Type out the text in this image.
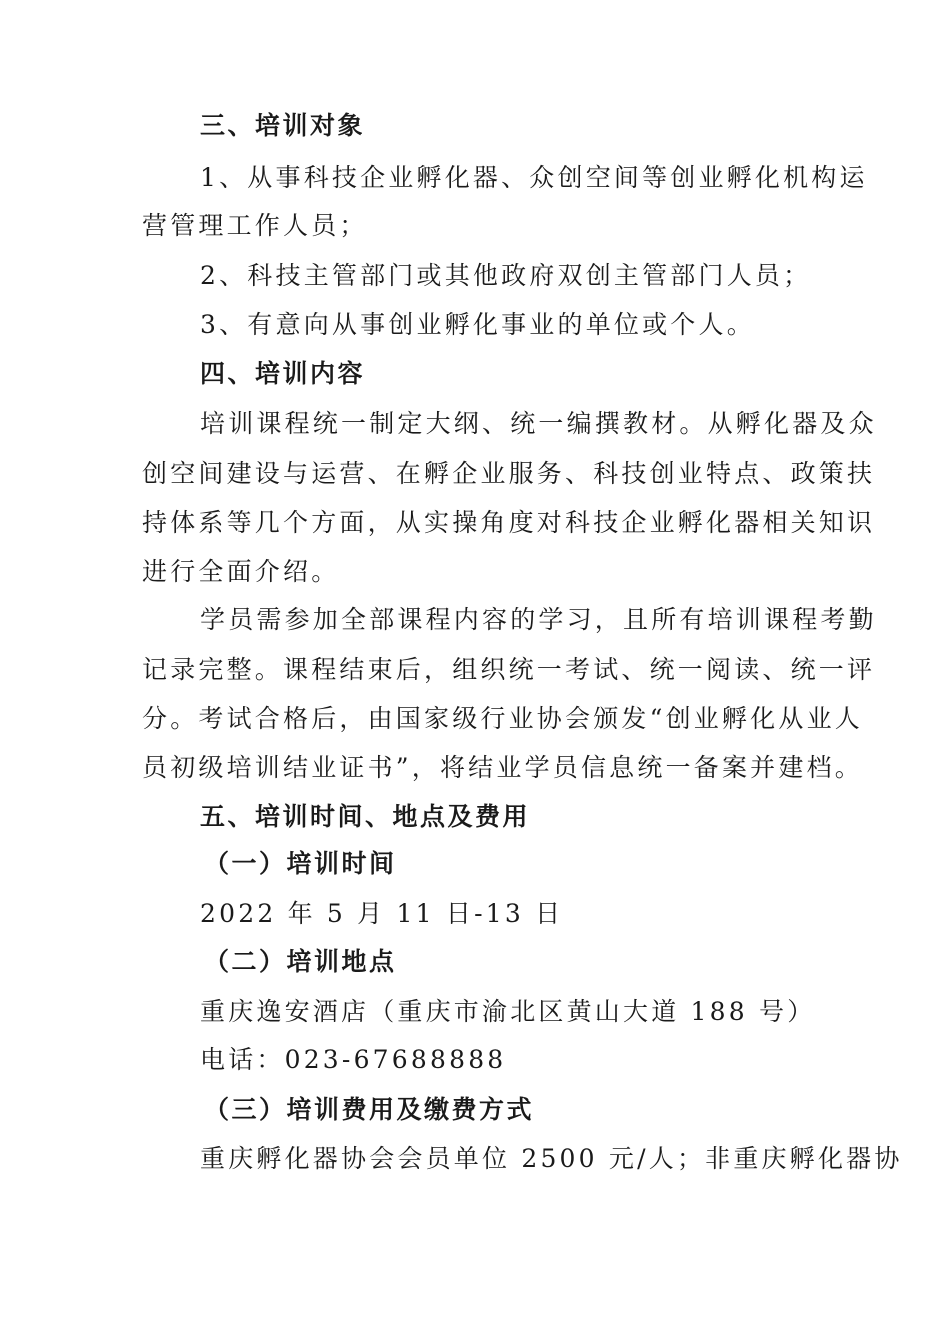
三、培训对象
1、从事科技企业孵化器、众创空间等创业孵化机构运
营管理工作人员；
2、科技主管部门或其他政府双创主管部门人员；
3、有意向从事创业孵化事业的单位或个人。
四、培训内容
培训课程统一制定大纲、统一编撰教材。从孵化器及众
创空间建设与运营、在孵企业服务、科技创业特点、政策扶
持体系等几个方面，从实操角度对科技企业孵化器相关知识
进行全面介绍。
学员需参加全部课程内容的学习，且所有培训课程考勤
记录完整。课程结束后，组织统一考试、统一阅读、统一评
分。考试合格后，由国家级行业协会颁发“创业孵化从业人
员初级培训结业证书”，将结业学员信息统一备案并建档。
五、培训时间、地点及费用
（一）培训时间
2022 年 5 月 11 日-13 日
（二）培训地点
重庆逸安酒店（重庆市渝北区黄山大道 188 号）
电话：023-67688888
（三）培训费用及缴费方式
重庆孵化器协会会员单位 2500 元/人；非重庆孵化器协
